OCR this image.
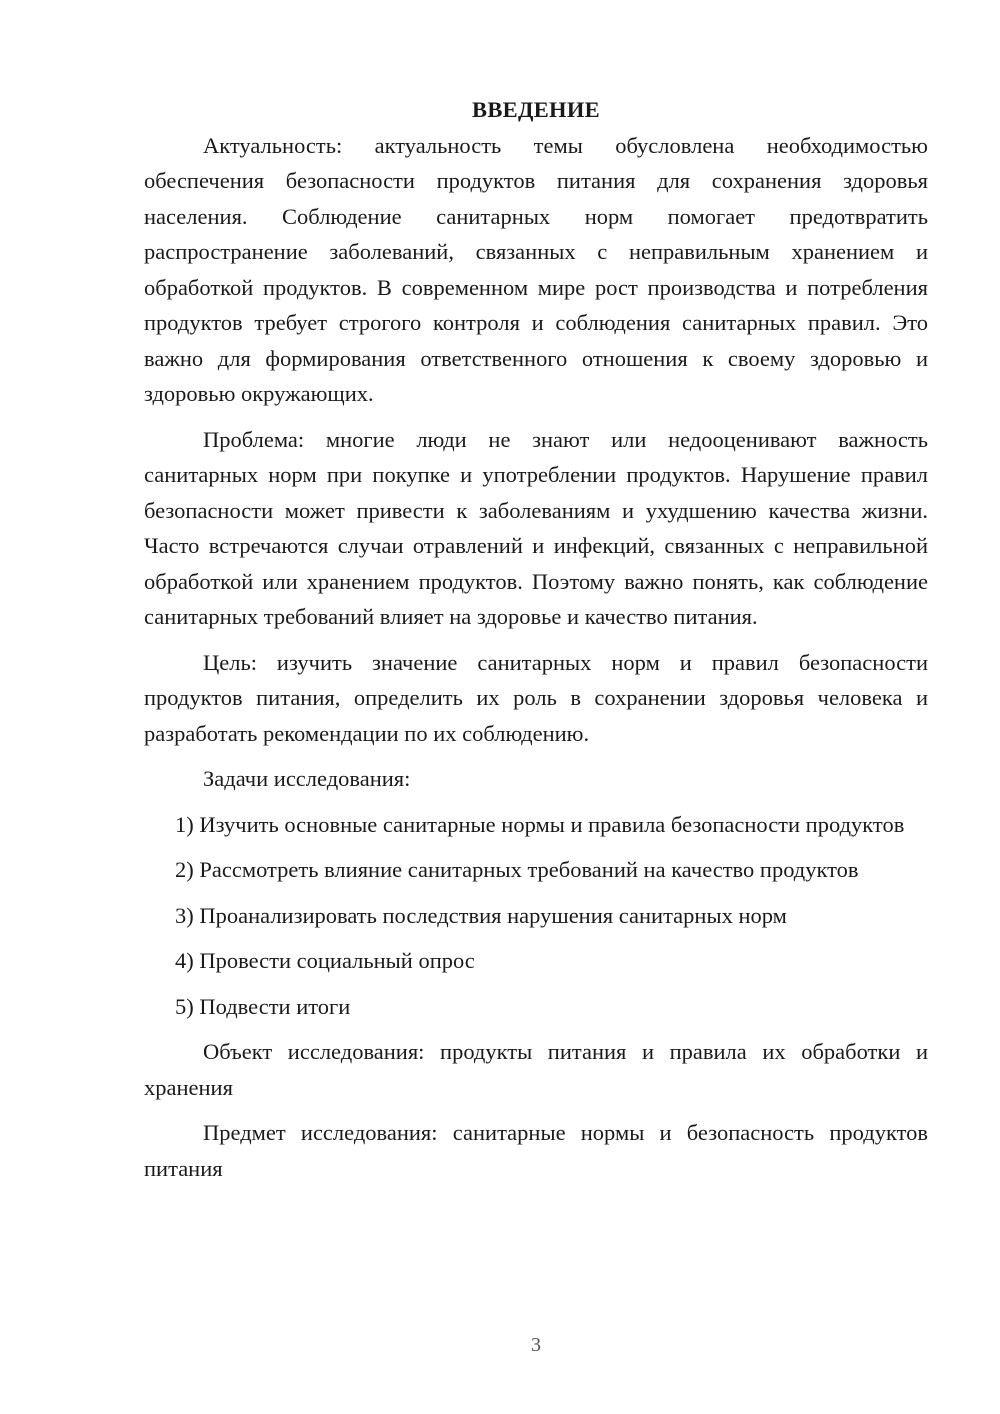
ВВЕДЕНИЕ

Актуальность: актуальность темы обусловлена необходимостью обеспечения безопасности продуктов питания для сохранения здоровья населения. Соблюдение санитарных норм помогает предотвратить распространение заболеваний, связанных с неправильным хранением и обработкой продуктов. В современном мире рост производства и потребления продуктов требует строгого контроля и соблюдения санитарных правил. Это важно для формирования ответственного отношения к своему здоровью и здоровью окружающих.

Проблема: многие люди не знают или недооценивают важность санитарных норм при покупке и употреблении продуктов. Нарушение правил безопасности может привести к заболеваниям и ухудшению качества жизни. Часто встречаются случаи отравлений и инфекций, связанных с неправильной обработкой или хранением продуктов. Поэтому важно понять, как соблюдение санитарных требований влияет на здоровье и качество питания.

Цель: изучить значение санитарных норм и правил безопасности продуктов питания, определить их роль в сохранении здоровья человека и разработать рекомендации по их соблюдению.

Задачи исследования:

1) Изучить основные санитарные нормы и правила безопасности продуктов

2) Рассмотреть влияние санитарных требований на качество продуктов

3) Проанализировать последствия нарушения санитарных норм

4) Провести социальный опрос

5) Подвести итоги

Объект исследования: продукты питания и правила их обработки и хранения

Предмет исследования: санитарные нормы и безопасность продуктов питания

3
